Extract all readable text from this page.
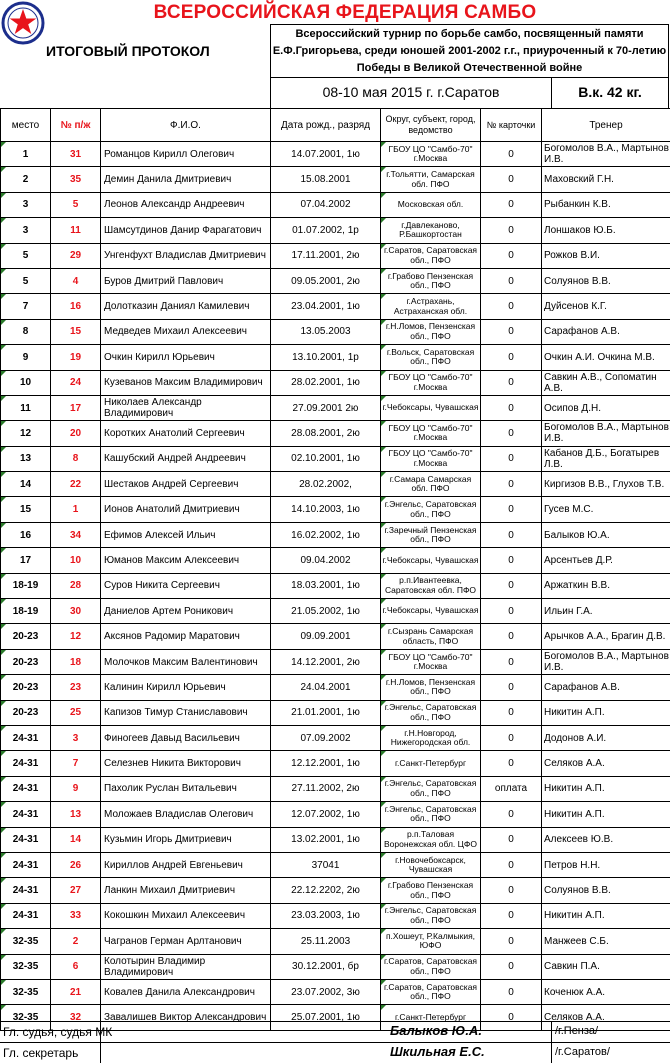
ВСЕРОССИЙСКАЯ ФЕДЕРАЦИЯ САМБО
ИТОГОВЫЙ ПРОТОКОЛ
Всероссийский турнир по борьбе самбо, посвященный памяти
Е.Ф.Григорьева, среди юношей 2001-2002 г.г., приуроченный к 70-летию
Победы в Великой Отечественной войне
08-10 мая 2015 г. г.Саратов	В.к. 42 кг.
место	№ п/ж	Ф.И.О.	Дата рожд., разряд	Округ, субъект, город, ведомство	№ карточки	Тренер

1	31	Романцов Кирилл Олегович	14.07.2001, 1ю	ГБОУ ЦО "Самбо-70" г.Москва	0	Богомолов В.А., Мартынов И.В.

2	35	Демин Данила Дмитриевич	15.08.2001	г.Тольятти, Самарская обл. ПФО	0	Маховский Г.Н.

3	5	Леонов Александр Андреевич	07.04.2002	Московская обл.	0	Рыбанкин К.В.

3	11	Шамсутдинов Данир Фарагатович	01.07.2002, 1р	г.Давлеканово, Р.Башкортостан	0	Лоншаков Ю.Б.

5	29	Унгенфухт Владислав Дмитриевич	17.11.2001, 2ю	г.Саратов, Саратовская обл., ПФО	0	Рожков В.И.

5	4	Буров Дмитрий Павлович	09.05.2001, 2ю	г.Грабово Пензенская обл., ПФО	0	Солуянов В.В.

7	16	Долотказин Даниял Камилевич	23.04.2001, 1ю	г.Астрахань, Астраханская обл.	0	Дуйсенов К.Г.

8	15	Медведев Михаил Алексеевич	13.05.2003	г.Н.Ломов, Пензенская обл., ПФО	0	Сарафанов А.В.

9	19	Очкин Кирилл Юрьевич	13.10.2001, 1р	г.Вольск, Саратовская обл., ПФО	0	Очкин А.И. Очкина М.В.

10	24	Кузеванов Максим Владимирович	28.02.2001, 1ю	ГБОУ ЦО "Самбо-70" г.Москва	0	Савкин А.В., Сопоматин А.В.

11	17	Николаев Александр Владимирович	27.09.2001 2ю	г.Чебоксары, Чувашская	0	Осипов Д.Н.

12	20	Коротких Анатолий Сергеевич	28.08.2001, 2ю	ГБОУ ЦО "Самбо-70" г.Москва	0	Богомолов В.А., Мартынов И.В.

13	8	Кашубский Андрей Андреевич	02.10.2001, 1ю	ГБОУ ЦО "Самбо-70" г.Москва	0	Кабанов Д.Б., Богатырев Л.В.

14	22	Шестаков Андрей Сергеевич	28.02.2002,	г.Самара Самарская обл. ПФО	0	Киргизов В.В., Глухов Т.В.

15	1	Ионов Анатолий Дмитриевич	14.10.2003, 1ю	г.Энгельс, Саратовская обл., ПФО	0	Гусев М.С.

16	34	Ефимов Алексей Ильич	16.02.2002, 1ю	г.Заречный Пензенская обл., ПФО	0	Балыков Ю.А.

17	10	Юманов Максим Алексеевич	09.04.2002	г.Чебоксары, Чувашская	0	Арсентьев Д.Р.

18-19	28	Суров Никита Сергеевич	18.03.2001, 1ю	р.п.Ивантеевка, Саратовская обл. ПФО	0	Аржаткин В.В.

18-19	30	Даниелов Артем Роникович	21.05.2002, 1ю	г.Чебоксары, Чувашская	0	Ильин Г.А.

20-23	12	Аксянов Радомир Маратович	09.09.2001	г.Сызрань Самарская область, ПФО	0	Арычков А.А., Брагин Д.В.

20-23	18	Молочков Максим Валентинович	14.12.2001, 2ю	ГБОУ ЦО "Самбо-70" г.Москва	0	Богомолов В.А., Мартынов И.В.

20-23	23	Калинин Кирилл Юрьевич	24.04.2001	г.Н.Ломов, Пензенская обл., ПФО	0	Сарафанов А.В.

20-23	25	Капизов Тимур Станиславович	21.01.2001, 1ю	г.Энгельс, Саратовская обл., ПФО	0	Никитин А.П.

24-31	3	Финогеев Давыд Васильевич	07.09.2002	г.Н.Новгород, Нижегородская обл.	0	Додонов А.И.

24-31	7	Селезнев Никита Викторович	12.12.2001, 1ю	г.Санкт-Петербург	0	Селяков А.А.

24-31	9	Пахолик Руслан Витальевич	27.11.2002, 2ю	г.Энгельс, Саратовская обл., ПФО	оплата	Никитин А.П.

24-31	13	Моложаев Владислав Олегович	12.07.2002, 1ю	г.Энгельс, Саратовская обл., ПФО	0	Никитин А.П.

24-31	14	Кузьмин Игорь Дмитриевич	13.02.2001, 1ю	р.п.Таловая Воронежская обл. ЦФО	0	Алексеев Ю.В.

24-31	26	Кириллов Андрей Евгеньевич	37041	г.Новочебоксарск, Чувашская	0	Петров Н.Н.

24-31	27	Ланкин Михаил Дмитриевич	22.12.2202, 2ю	г.Грабово Пензенская обл., ПФО	0	Солуянов В.В.

24-31	33	Кокошкин Михаил Алексеевич	23.03.2003, 1ю	г.Энгельс, Саратовская обл., ПФО	0	Никитин А.П.

32-35	2	Чагранов Герман Арлтанович	25.11.2003	п.Хошеут, Р.Калмыкия, ЮФО	0	Манжеев С.Б.

32-35	6	Колотырин Владимир Владимирович	30.12.2001, бр	г.Саратов, Саратовская обл., ПФО	0	Савкин П.А.

32-35	21	Ковалев Данила Александрович	23.07.2002, 3ю	г.Саратов, Саратовская обл., ПФО	0	Коченюк А.А.

32-35	32	Завалишев Виктор Александрович	25.07.2001, 1ю	г.Санкт-Петербург	0	Селяков А.А.
Гл. судья, судья МК	Балыков Ю.А.	/г.Пенза/
Гл. секретарь	Шкильная Е.С.	/г.Саратов/
